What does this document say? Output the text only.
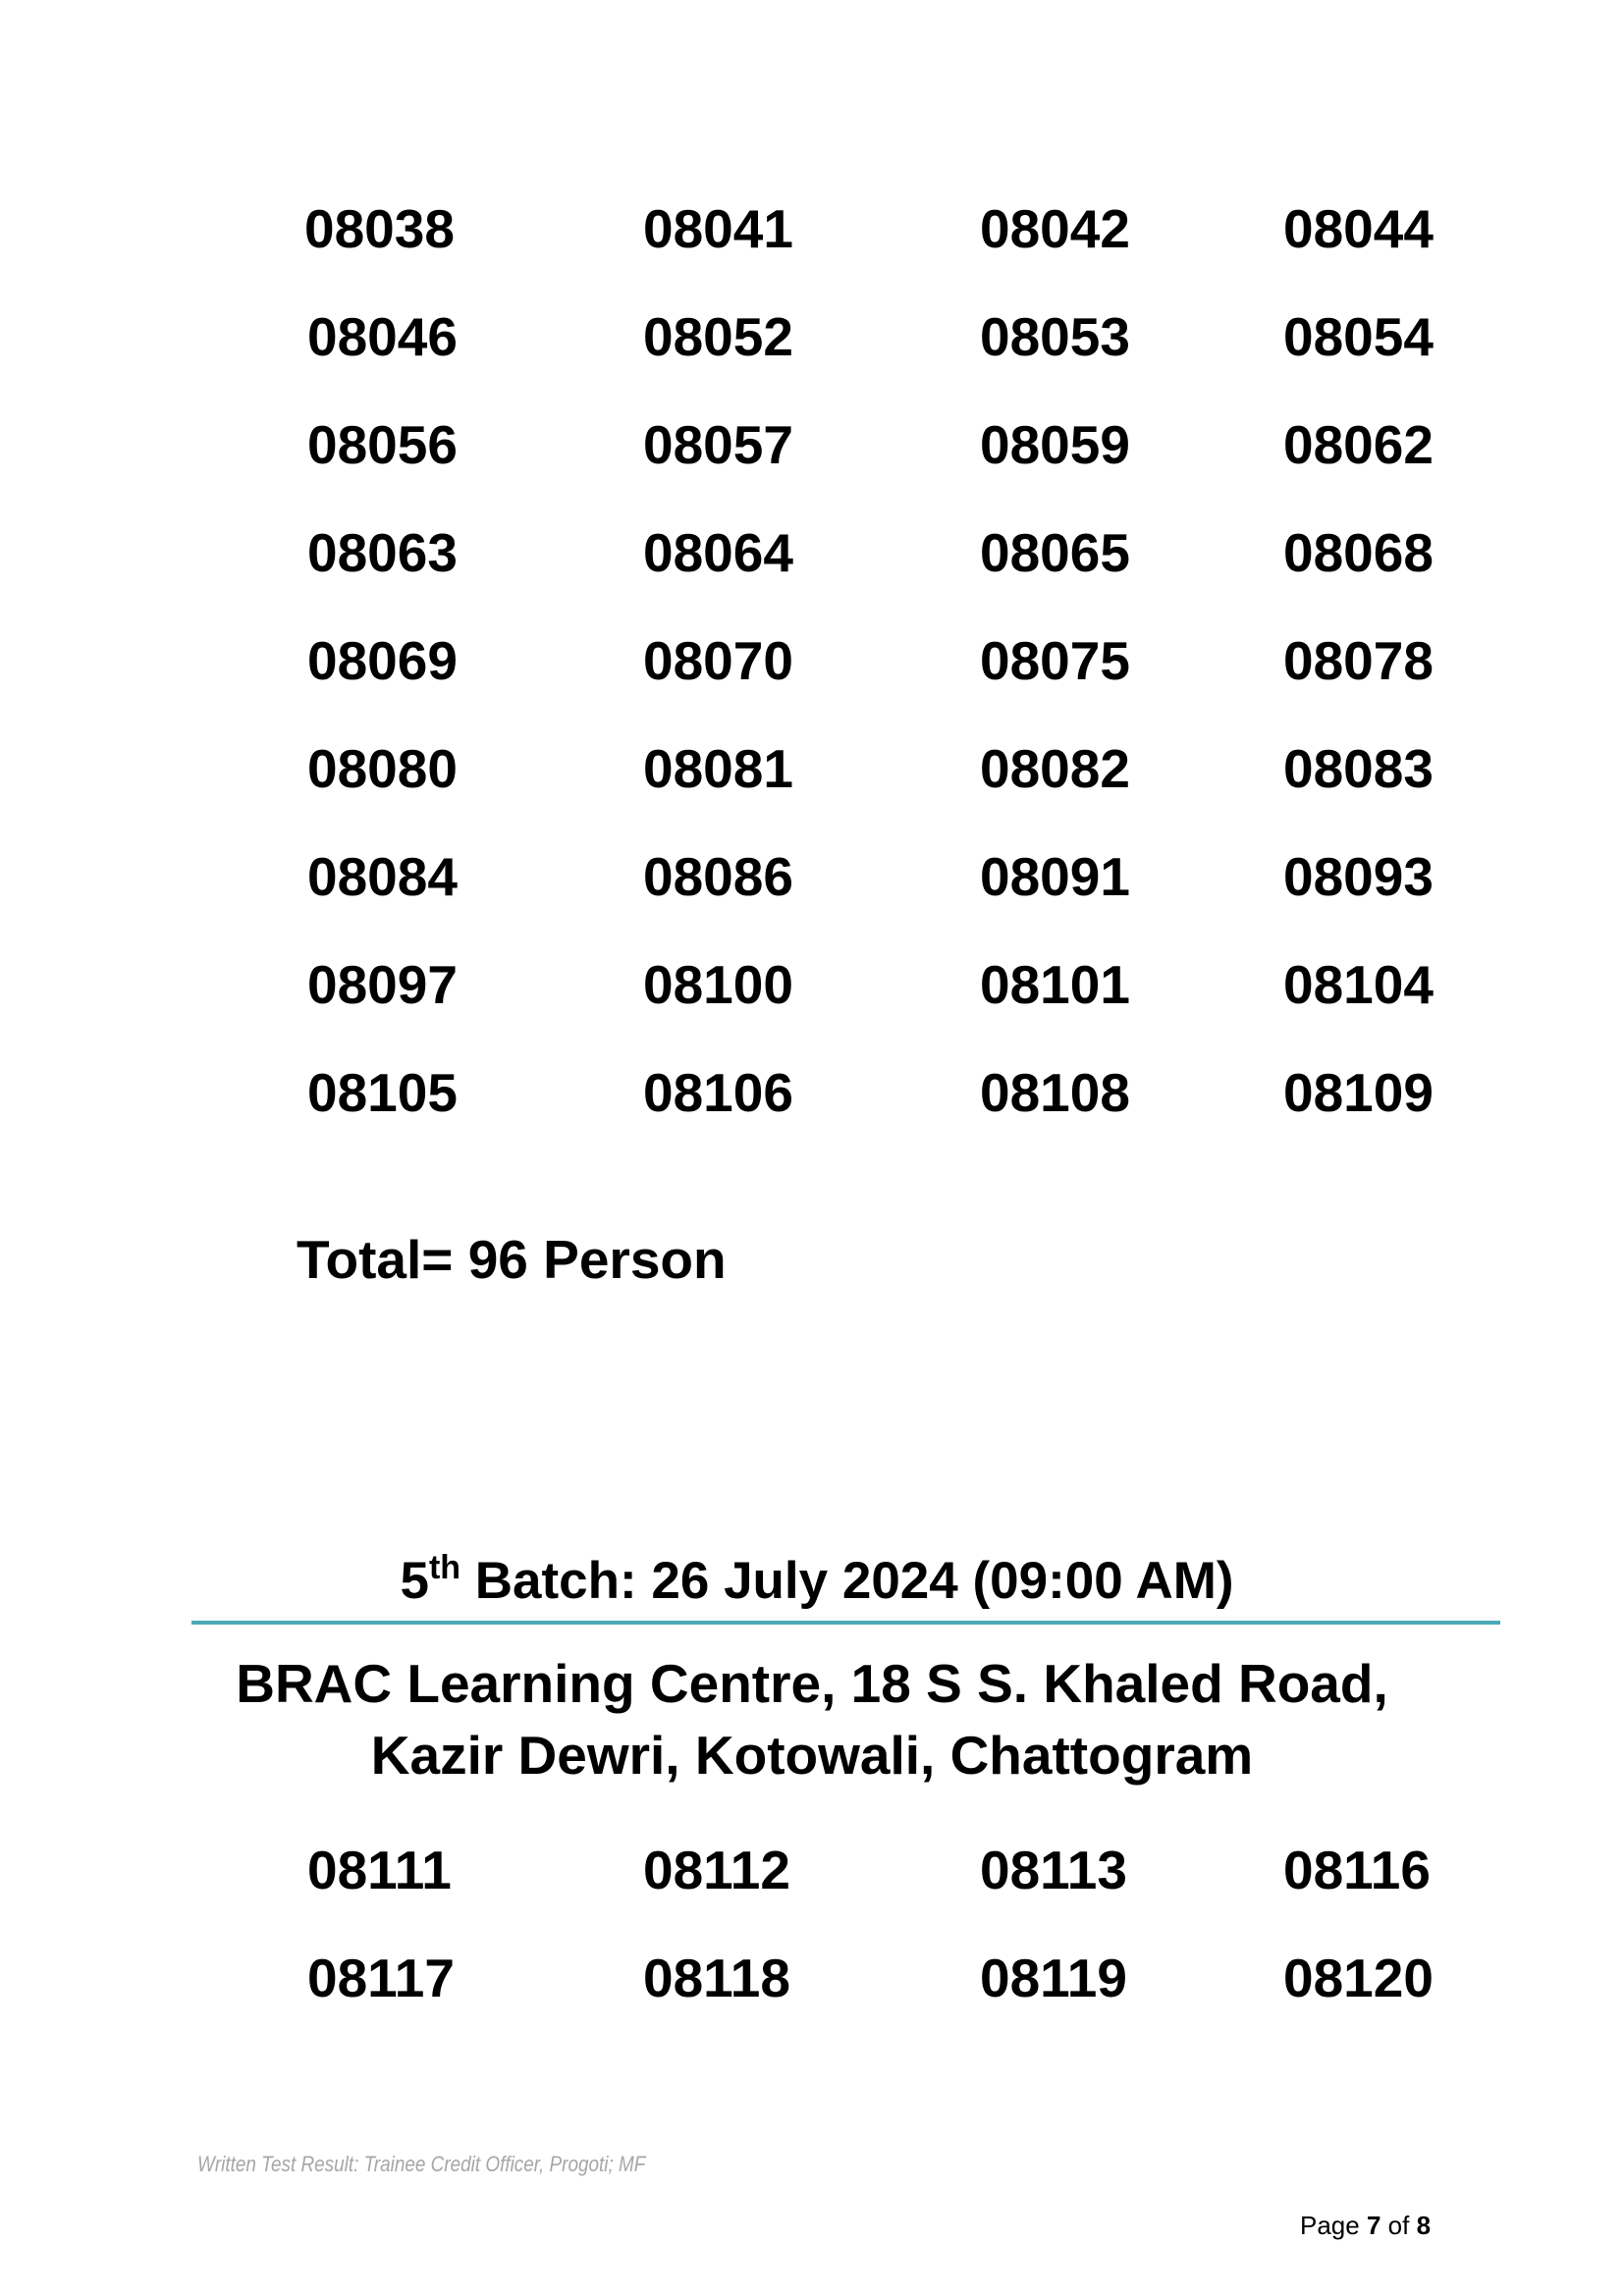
08038	08041	08042	08044
08046	08052	08053	08054
08056	08057	08059	08062
08063	08064	08065	08068
08069	08070	08075	08078
08080	08081	08082	08083
08084	08086	08091	08093
08097	08100	08101	08104
08105	08106	08108	08109
Total= 96 Person
5th Batch: 26 July 2024 (09:00 AM)
BRAC Learning Centre, 18 S S. Khaled Road,
Kazir Dewri, Kotowali, Chattogram
08111	08112	08113	08116
08117	08118	08119	08120
Written Test Result: Trainee Credit Officer, Progoti; MF
Page 7 of 8
